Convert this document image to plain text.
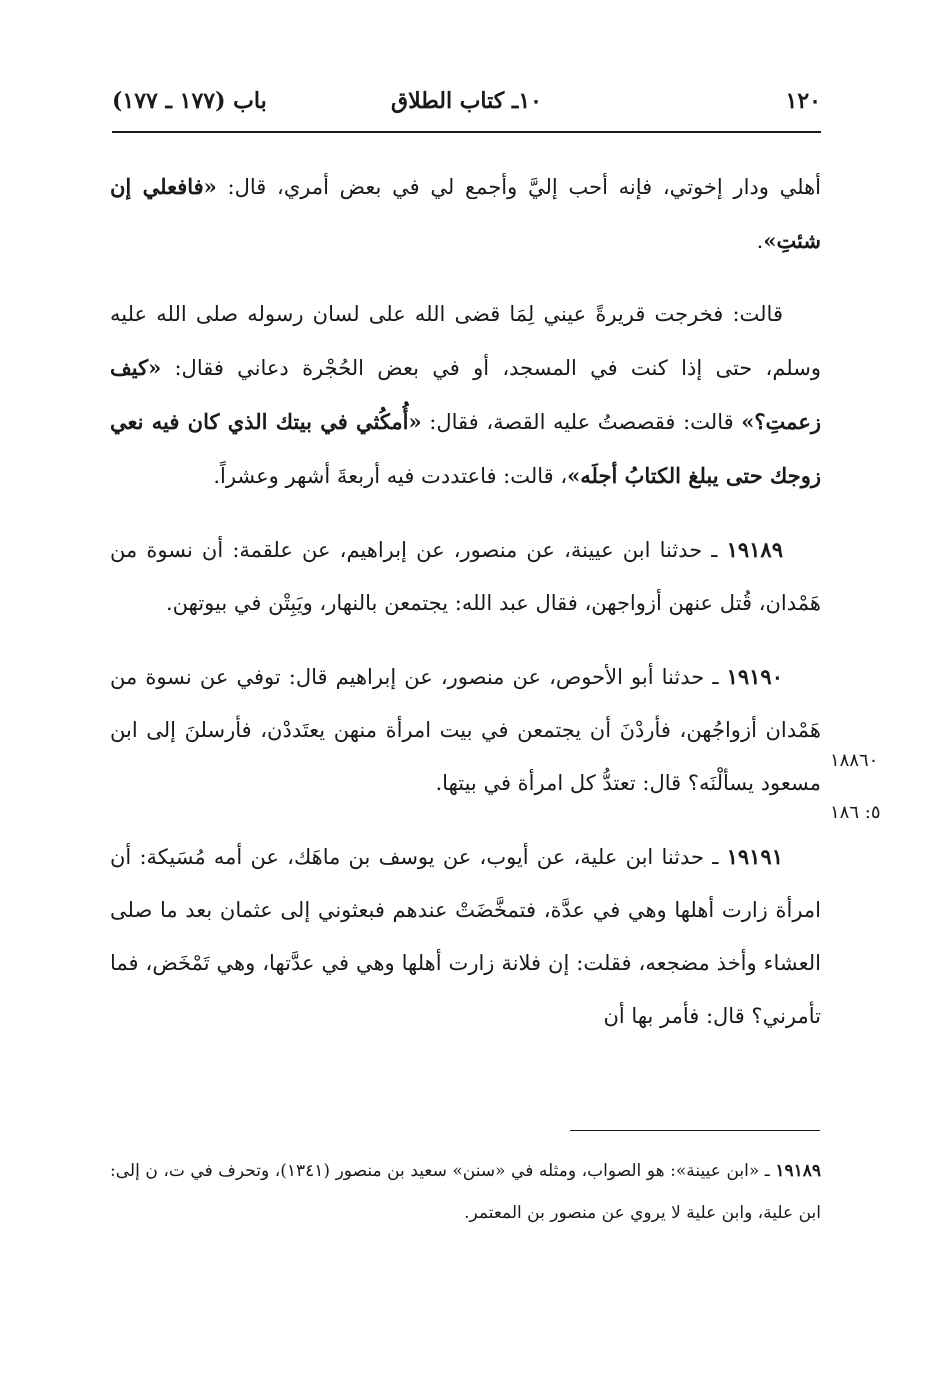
١٢٠
١٠ـ كتاب الطلاق
باب (١٧٧ ـ ١٧٧)

أهلي ودار إخوتي، فإنه أحب إليَّ وأجمع لي في بعض أمري، قال: «فافعلي إن شئتِ».

قالت: فخرجت قريرةً عيني لِمَا قضى الله على لسان رسوله صلى الله عليه وسلم، حتى إذا كنت في المسجد، أو في بعض الحُجْرة دعاني فقال: «كيف زعمتِ؟» قالت: فقصصتُ عليه القصة، فقال: «أُمكُثي في بيتك الذي كان فيه نعي زوجك حتى يبلغ الكتابُ أجلَه»، قالت: فاعتددت فيه أربعةَ أشهر وعشراً.

١٩١٨٩ ـ حدثنا ابن عيينة، عن منصور، عن إبراهيم، عن علقمة: أن نسوة من هَمْدان، قُتل عنهن أزواجهن، فقال عبد الله: يجتمعن بالنهار، ويَبِتْن في بيوتهن.

١٩١٩٠ ـ حدثنا أبو الأحوص، عن منصور، عن إبراهيم قال: توفي عن نسوة من هَمْدان أزواجُهن، فأردْنَ أن يجتمعن في بيت امرأة منهن يعتَددْن، فأرسلنَ إلى ابن مسعود يسألْنَه؟ قال: تعتدُّ كل امرأة في بيتها.

١٩١٩١ ـ حدثنا ابن علية، عن أيوب، عن يوسف بن ماهَك، عن أمه مُسَيكة: أن امرأة زارت أهلها وهي في عدَّة، فتمخَّضَتْ عندهم فبعثوني إلى عثمان بعد ما صلى العشاء وأخذ مضجعه، فقلت: إن فلانة زارت أهلها وهي في عدَّتها، وهي تَمْخَض، فما تأمرني؟ قال: فأمر بها أن

١٨٨٦٠
٥: ١٨٦
١٩١٨٩ ـ «ابن عيينة»: هو الصواب، ومثله في «سنن» سعيد بن منصور (١٣٤١)، وتحرف في ت، ن إلى: ابن علية، وابن علية لا يروي عن منصور بن المعتمر.
